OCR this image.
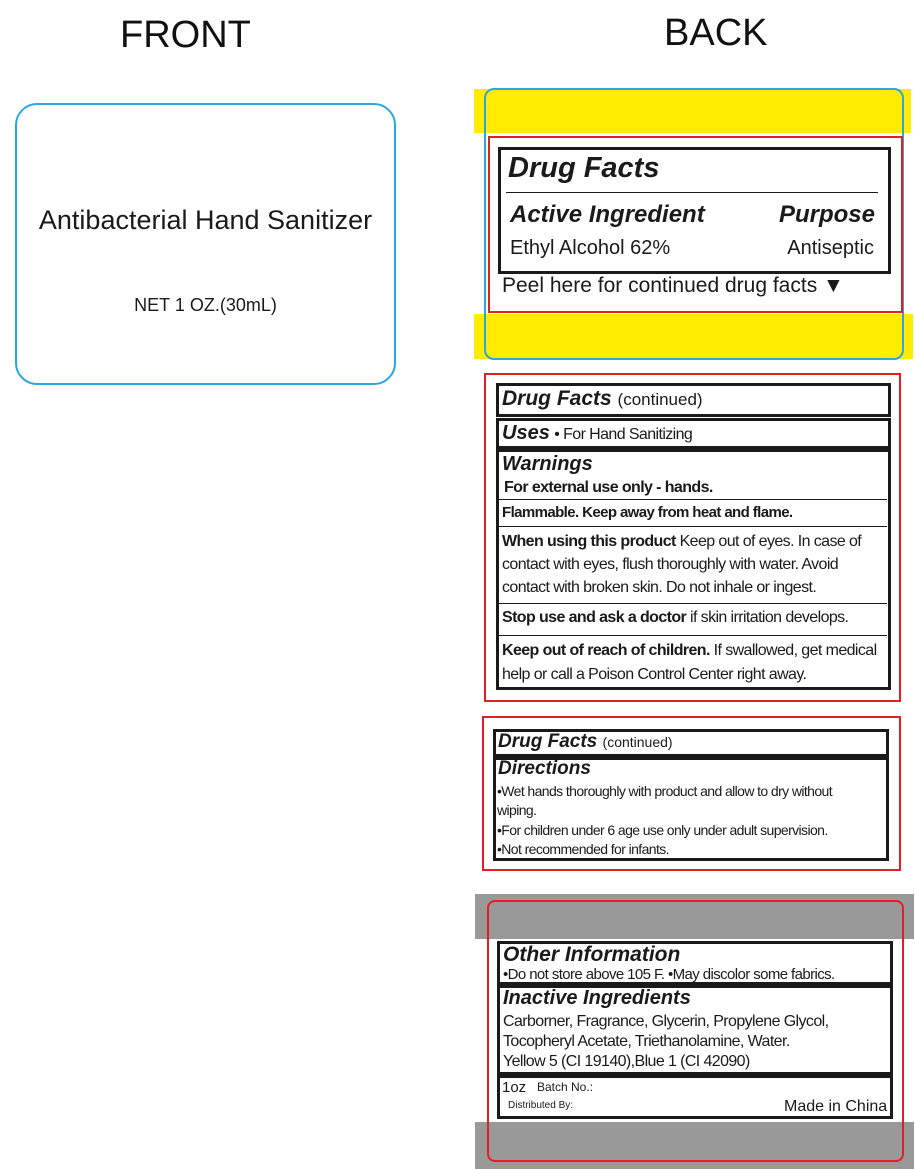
FRONT	BACK
Antibacterial Hand Sanitizer
NET 1 OZ.(30mL)
Drug Facts
Active Ingredient	Purpose
Ethyl Alcohol 62%	Antiseptic
Peel here for continued drug facts ▼
Drug Facts (continued)
Uses • For Hand Sanitizing
Warnings
For external use only - hands.
Flammable. Keep away from heat and flame.
When using this product Keep out of eyes. In case of contact with eyes, flush thoroughly with water. Avoid contact with broken skin. Do not inhale or ingest.
Stop use and ask a doctor if skin irritation develops.
Keep out of reach of children. If swallowed, get medical help or call a Poison Control Center right away.
Drug Facts (continued)
Directions
•Wet hands thoroughly with product and allow to dry without wiping.
•For children under 6 age use only under adult supervision.
•Not recommended for infants.
Other Information
•Do not store above 105 F. •May discolor some fabrics.
Inactive Ingredients
Carborner, Fragrance, Glycerin, Propylene Glycol,
Tocopheryl Acetate, Triethanolamine, Water.
Yellow 5 (CI 19140),Blue 1 (CI 42090)
1oz Batch No.:
Distributed By:	Made in China
